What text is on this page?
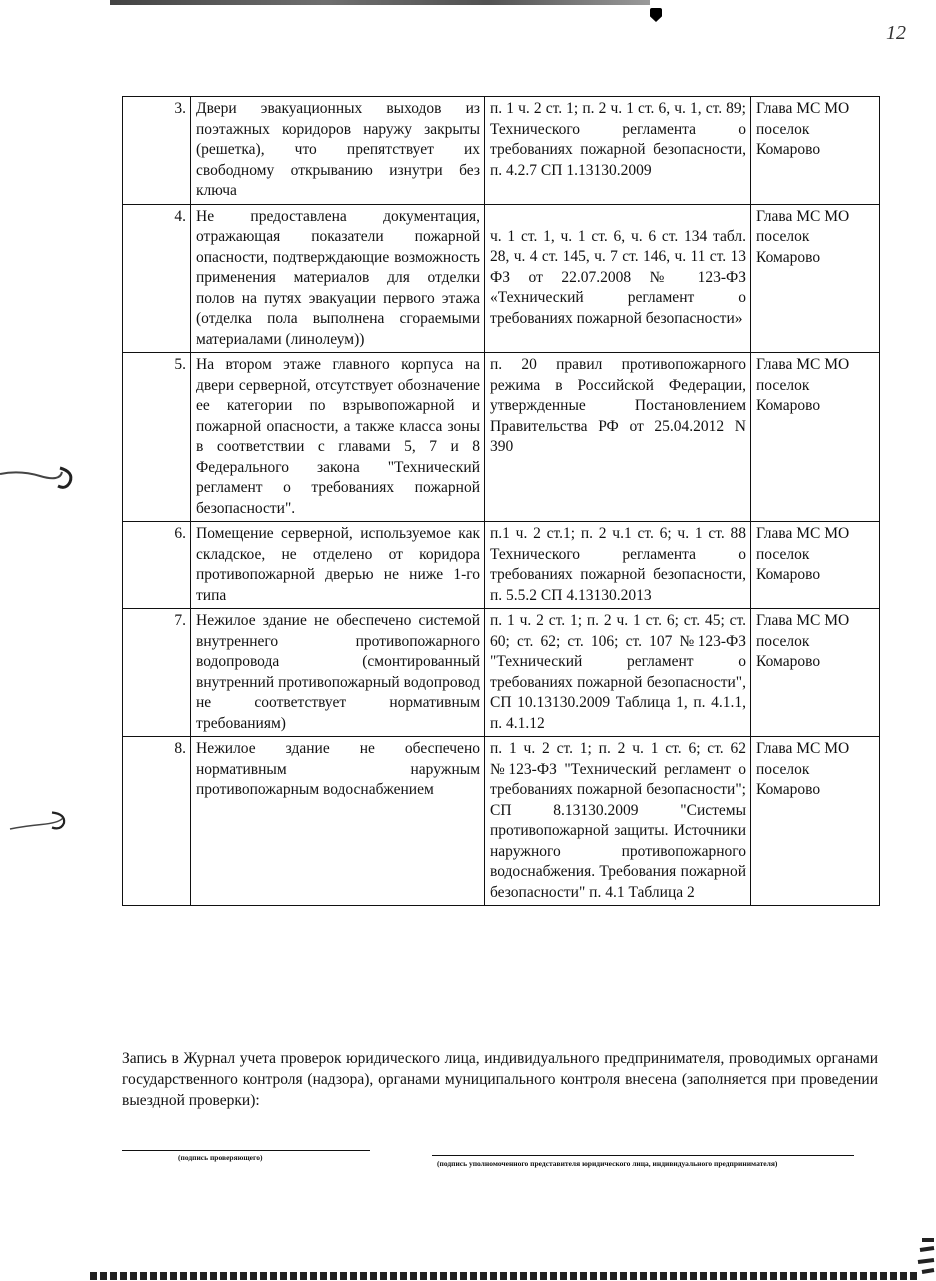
12
3.	Двери эвакуационных выходов из поэтажных коридоров наружу закрыты (решетка), что препятствует их свободному открыванию изнутри без ключа	п. 1 ч. 2 ст. 1; п. 2 ч. 1 ст. 6, ч. 1, ст. 89; Технического регламента о требованиях пожарной безопасности, п. 4.2.7 СП 1.13130.2009	Глава МС МО поселок Комарово
4.	Не предоставлена документация, отражающая показатели пожарной опасности, подтверждающие возможность применения материалов для отделки полов на путях эвакуации первого этажа (отделка пола выполнена сгораемыми материалами (линолеум))	ч. 1 ст. 1, ч. 1 ст. 6, ч. 6 ст. 134 табл. 28, ч. 4 ст. 145, ч. 7 ст. 146, ч. 11 ст. 13 ФЗ от 22.07.2008 № 123-ФЗ «Технический регламент о требованиях пожарной безопасности»	Глава МС МО поселок Комарово
5.	На втором этаже главного корпуса на двери серверной, отсутствует обозначение ее категории по взрывопожарной и пожарной опасности, а также класса зоны в соответствии с главами 5, 7 и 8 Федерального закона "Технический регламент о требованиях пожарной безопасности".	п. 20 правил противопожарного режима в Российской Федерации, утвержденные Постановлением Правительства РФ от 25.04.2012 N 390	Глава МС МО поселок Комарово
6.	Помещение серверной, используемое как складское, не отделено от коридора противопожарной дверью не ниже 1-го типа	п.1 ч. 2 ст.1; п. 2 ч.1 ст. 6; ч. 1 ст. 88 Технического регламента о требованиях пожарной безопасности, п. 5.5.2 СП 4.13130.2013	Глава МС МО поселок Комарово
7.	Нежилое здание не обеспечено системой внутреннего противопожарного водопровода (смонтированный внутренний противопожарный водопровод не соответствует нормативным требованиям)	п. 1 ч. 2 ст. 1; п. 2 ч. 1 ст. 6; ст. 45; ст. 60; ст. 62; ст. 106; ст. 107 №123-ФЗ "Технический регламент о требованиях пожарной безопасности", СП 10.13130.2009 Таблица 1, п. 4.1.1, п. 4.1.12	Глава МС МО поселок Комарово
8.	Нежилое здание не обеспечено нормативным наружным противопожарным водоснабжением	п. 1 ч. 2 ст. 1; п. 2 ч. 1 ст. 6; ст. 62 №123-ФЗ "Технический регламент о требованиях пожарной безопасности"; СП 8.13130.2009 "Системы противопожарной защиты. Источники наружного противопожарного водоснабжения. Требования пожарной безопасности" п. 4.1 Таблица 2	Глава МС МО поселок Комарово
Запись в Журнал учета проверок юридического лица, индивидуального предпринимателя, проводимых органами государственного контроля (надзора), органами муниципального контроля внесена (заполняется при проведении выездной проверки):
(подпись проверяющего)
(подпись уполномоченного представителя юридического лица, индивидуального предпринимателя)
